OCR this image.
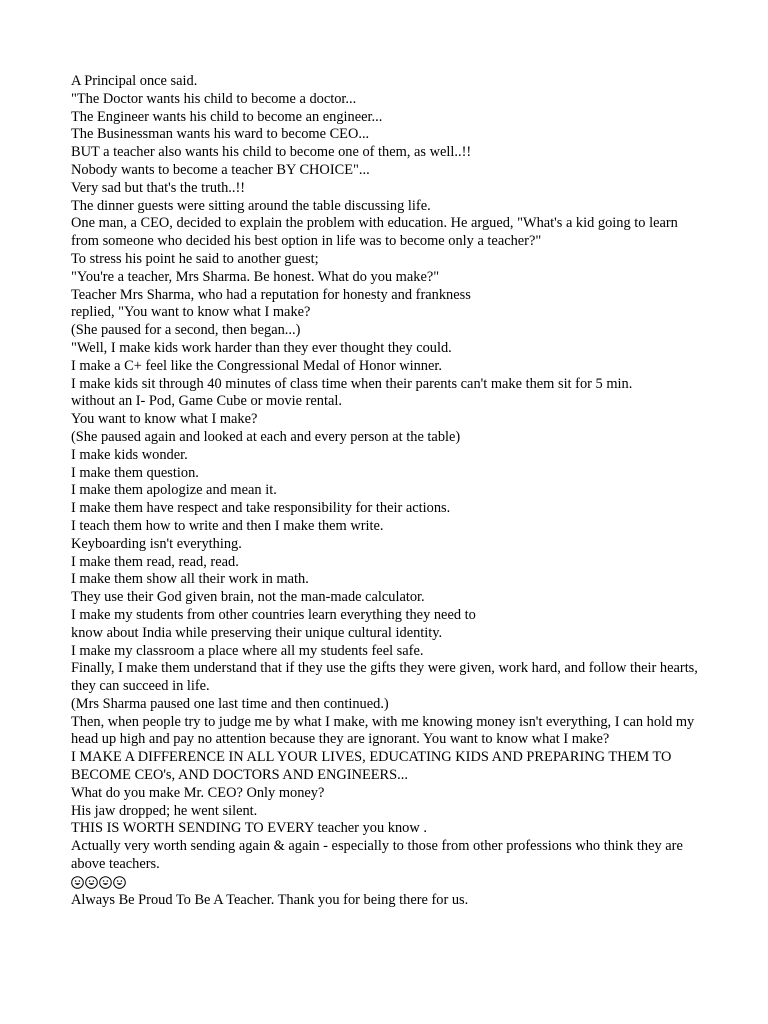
A Principal once said.

"The Doctor wants his child to become a doctor...

The Engineer wants his child to become an engineer...

The Businessman wants his ward to become CEO...

BUT a teacher also wants his child to become one of them, as well..!!

Nobody wants to become a teacher BY CHOICE"...

Very sad but that's the truth..!!

The dinner guests were sitting around the table discussing life.

One man, a CEO, decided to explain the problem with education. He argued, "What's a kid going to learn from someone who decided his best option in life was to become only a teacher?"

To stress his point he said to another guest;

"You're a teacher, Mrs Sharma. Be honest. What do you make?"

Teacher Mrs Sharma, who had a reputation for honesty and frankness

replied, "You want to know what I make?

(She paused for a second, then began...)

"Well, I make kids work harder than they ever thought they could.

I make a C+ feel like the Congressional Medal of Honor winner.

I make kids sit through 40 minutes of class time when their parents can't make them sit for 5 min.

without an I- Pod, Game Cube or movie rental.

You want to know what I make?

(She paused again and looked at each and every person at the table)

I make kids wonder.

I make them question.

I make them apologize and mean it.

I make them have respect and take responsibility for their actions.

I teach them how to write and then I make them write.

Keyboarding isn't everything.

I make them read, read, read.

I make them show all their work in math.

They use their God given brain, not the man-made calculator.

I make my students from other countries learn everything they need to

know about India while preserving their unique cultural identity.

I make my classroom a place where all my students feel safe.

Finally, I make them understand that if they use the gifts they were given, work hard, and follow their hearts, they can succeed in life.

(Mrs Sharma paused one last time and then continued.)

Then, when people try to judge me by what I make, with me knowing money isn't everything, I can hold my head up high and pay no attention because they are ignorant. You want to know what I make?

I MAKE A DIFFERENCE IN ALL YOUR LIVES, EDUCATING KIDS AND PREPARING THEM TO BECOME CEO's, AND DOCTORS AND ENGINEERS...

What do you make Mr. CEO? Only money?

His jaw dropped; he went silent.

THIS IS WORTH SENDING TO EVERY teacher you know .

Actually very worth sending again & again - especially to those from other professions who think they are above teachers.

Always Be Proud To Be A Teacher. Thank you for being there for us.
